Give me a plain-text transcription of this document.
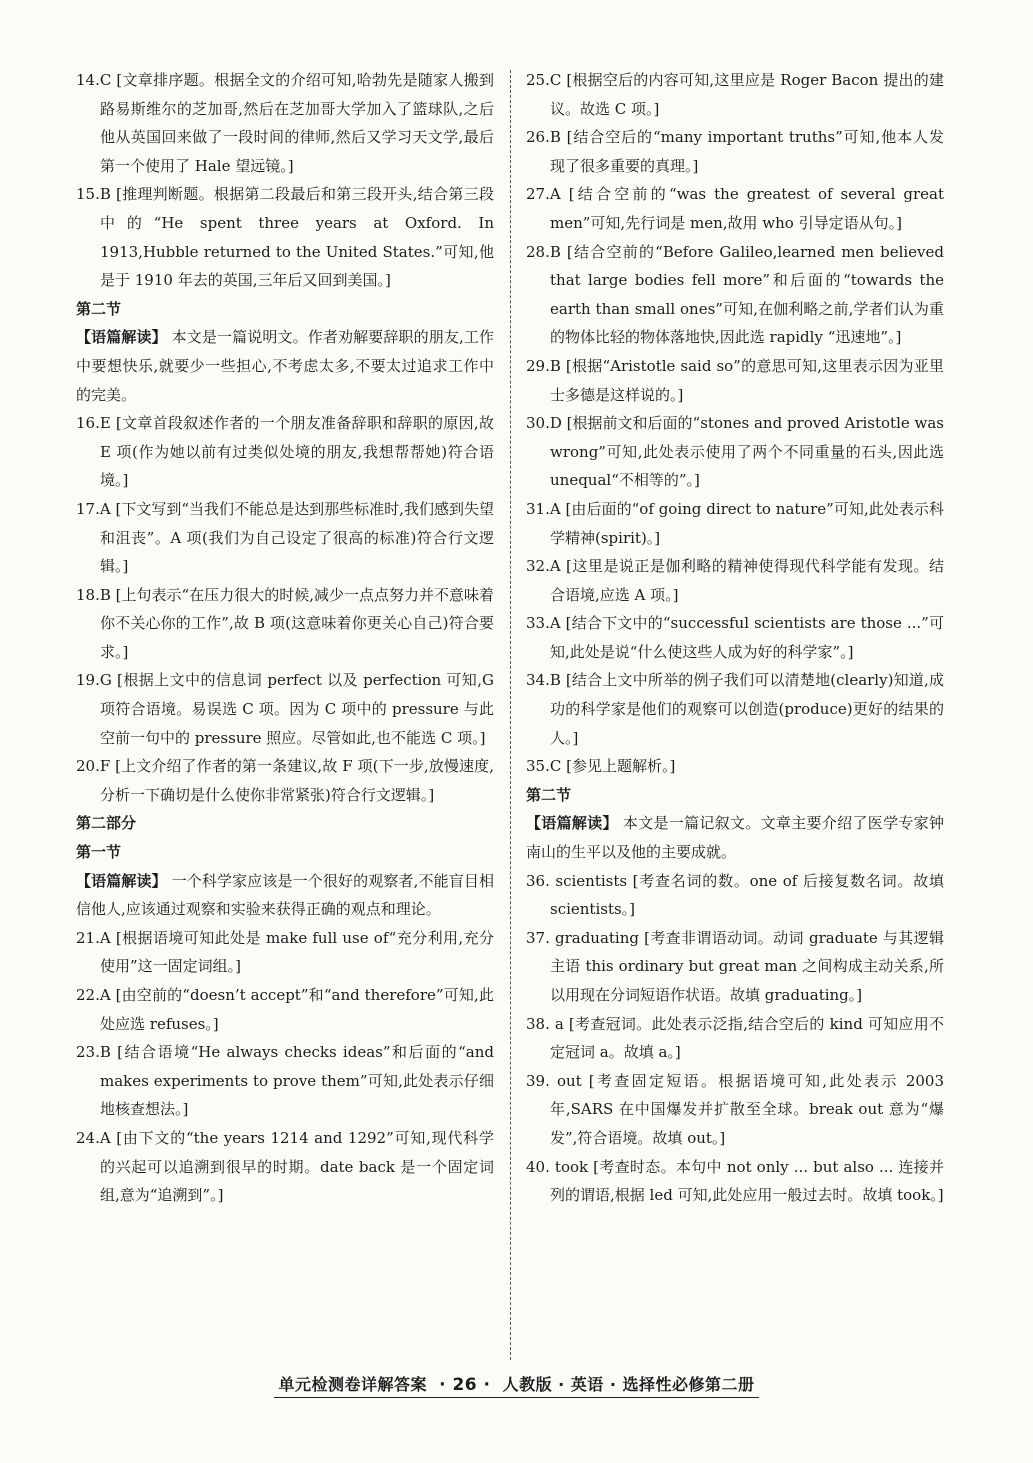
14.C [文章排序题。根据全文的介绍可知,哈勃先是随家人搬到路易斯维尔的芝加哥,然后在芝加哥大学加入了篮球队,之后他从英国回来做了一段时间的律师,然后又学习天文学,最后第一个使用了 Hale 望远镜。]

15.B [推理判断题。根据第二段最后和第三段开头,结合第三段中的“He spent three years at Oxford. In 1913,Hubble returned to the United States.”可知,他是于 1910 年去的英国,三年后又回到美国。]

第二节

【语篇解读】 本文是一篇说明文。作者劝解要辞职的朋友,工作中要想快乐,就要少一些担心,不考虑太多,不要太过追求工作中的完美。

16.E [文章首段叙述作者的一个朋友准备辞职和辞职的原因,故 E 项(作为她以前有过类似处境的朋友,我想帮帮她)符合语境。]

17.A [下文写到“当我们不能总是达到那些标准时,我们感到失望和沮丧”。A 项(我们为自己设定了很高的标准)符合行文逻辑。]

18.B [上句表示“在压力很大的时候,减少一点点努力并不意味着你不关心你的工作”,故 B 项(这意味着你更关心自己)符合要求。]

19.G [根据上文中的信息词 perfect 以及 perfection 可知,G 项符合语境。易误选 C 项。因为 C 项中的 pressure 与此空前一句中的 pressure 照应。尽管如此,也不能选 C 项。]

20.F [上文介绍了作者的第一条建议,故 F 项(下一步,放慢速度,分析一下确切是什么使你非常紧张)符合行文逻辑。]

第二部分

第一节

【语篇解读】 一个科学家应该是一个很好的观察者,不能盲目相信他人,应该通过观察和实验来获得正确的观点和理论。

21.A [根据语境可知此处是 make full use of“充分利用,充分使用”这一固定词组。]

22.A [由空前的“doesn’t accept”和“and therefore”可知,此处应选 refuses。]

23.B [结合语境“He always checks ideas”和后面的“and makes experiments to prove them”可知,此处表示仔细地核查想法。]

24.A [由下文的“the years 1214 and 1292”可知,现代科学的兴起可以追溯到很早的时期。date back 是一个固定词组,意为“追溯到”。]

25.C [根据空后的内容可知,这里应是 Roger Bacon 提出的建议。故选 C 项。]

26.B [结合空后的“many important truths”可知,他本人发现了很多重要的真理。]

27.A [结合空前的“was the greatest of several great men”可知,先行词是 men,故用 who 引导定语从句。]

28.B [结合空前的“Before Galileo,learned men believed that large bodies fell more”和后面的“towards the earth than small ones”可知,在伽利略之前,学者们认为重的物体比轻的物体落地快,因此选 rapidly “迅速地”。]

29.B [根据“Aristotle said so”的意思可知,这里表示因为亚里士多德是这样说的。]

30.D [根据前文和后面的“stones and proved Aristotle was wrong”可知,此处表示使用了两个不同重量的石头,因此选 unequal“不相等的”。]

31.A [由后面的“of going direct to nature”可知,此处表示科学精神(spirit)。]

32.A [这里是说正是伽利略的精神使得现代科学能有发现。结合语境,应选 A 项。]

33.A [结合下文中的“successful scientists are those ...”可知,此处是说“什么使这些人成为好的科学家”。]

34.B [结合上文中所举的例子我们可以清楚地(clearly)知道,成功的科学家是他们的观察可以创造(produce)更好的结果的人。]

35.C [参见上题解析。]

第二节

【语篇解读】 本文是一篇记叙文。文章主要介绍了医学专家钟南山的生平以及他的主要成就。

36. scientists [考查名词的数。one of 后接复数名词。故填 scientists。]

37. graduating [考查非谓语动词。动词 graduate 与其逻辑主语 this ordinary but great man 之间构成主动关系,所以用现在分词短语作状语。故填 graduating。]

38. a [考查冠词。此处表示泛指,结合空后的 kind 可知应用不定冠词 a。故填 a。]

39. out [考查固定短语。根据语境可知,此处表示 2003 年,SARS 在中国爆发并扩散至全球。break out 意为“爆发”,符合语境。故填 out。]

40. took [考查时态。本句中 not only ... but also ... 连接并列的谓语,根据 led 可知,此处应用一般过去时。故填 took。]

单元检测卷详解答案 · 26 · 人教版 · 英语 · 选择性必修第二册
